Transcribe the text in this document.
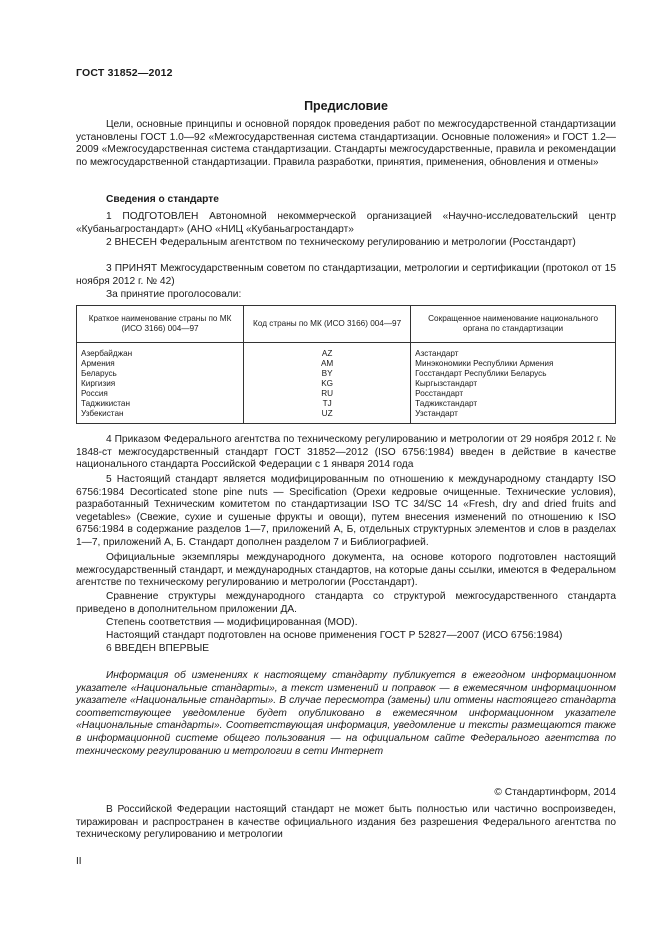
ГОСТ 31852—2012
Предисловие

Цели, основные принципы и основной порядок проведения работ по межгосударственной стандартизации установлены ГОСТ 1.0—92 «Межгосударственная система стандартизации. Основные положения» и ГОСТ 1.2—2009 «Межгосударственная система стандартизации. Стандарты межгосударственные, правила и рекомендации по межгосударственной стандартизации. Правила разработки, принятия, применения, обновления и отмены»

Сведения о стандарте

1 ПОДГОТОВЛЕН Автономной некоммерческой организацией «Научно-исследовательский центр «Кубаньагростандарт» (АНО «НИЦ «Кубаньагростандарт»

2 ВНЕСЕН Федеральным агентством по техническому регулированию и метрологии (Росстандарт)

3 ПРИНЯТ Межгосударственным советом по стандартизации, метрологии и сертификации (протокол от 15 ноября 2012 г. № 42)

За принятие проголосовали:

Краткое наименование страны по МК (ИСО 3166) 004—97	Код страны по МК (ИСО 3166) 004—97	Сокращенное наименование национального органа по стандартизации
Азербайджан	AZ	Азстандарт
Армения	AM	Минэкономики Республики Армения
Беларусь	BY	Госстандарт Республики Беларусь
Киргизия	KG	Кыргызстандарт
Россия	RU	Росстандарт
Таджикистан	TJ	Таджикстандарт
Узбекистан	UZ	Узстандарт

4 Приказом Федерального агентства по техническому регулированию и метрологии от 29 ноября 2012 г. № 1848-ст межгосударственный стандарт ГОСТ 31852—2012 (ISO 6756:1984) введен в действие в качестве национального стандарта Российской Федерации с 1 января 2014 года

5 Настоящий стандарт является модифицированным по отношению к международному стандарту ISO 6756:1984 Decorticated stone pine nuts — Specification (Орехи кедровые очищенные. Технические условия), разработанный Техническим комитетом по стандартизации ISO TC 34/SC 14 «Fresh, dry and dried fruits and vegetables» (Свежие, сухие и сушеные фрукты и овощи), путем внесения изменений по отношению к ISO 6756:1984 в содержание разделов 1—7, приложений А, Б, отдельных структурных элементов и слов в разделах 1—7, приложений А, Б. Стандарт дополнен разделом 7 и Библиографией.

Официальные экземпляры международного документа, на основе которого подготовлен настоящий межгосударственный стандарт, и международных стандартов, на которые даны ссылки, имеются в Федеральном агентстве по техническому регулированию и метрологии (Росстандарт).

Сравнение структуры международного стандарта со структурой межгосударственного стандарта приведено в дополнительном приложении ДА.

Степень соответствия — модифицированная (MOD).

Настоящий стандарт подготовлен на основе применения ГОСТ Р 52827—2007 (ИСО 6756:1984)

6 ВВЕДЕН ВПЕРВЫЕ

Информация об изменениях к настоящему стандарту публикуется в ежегодном информационном указателе «Национальные стандарты», а текст изменений и поправок — в ежемесячном информационном указателе «Национальные стандарты». В случае пересмотра (замены) или отмены настоящего стандарта соответствующее уведомление будет опубликовано в ежемесячном информационном указателе «Национальные стандарты». Соответствующая информация, уведомление и тексты размещаются также в информационной системе общего пользования — на официальном сайте Федерального агентства по техническому регулированию и метрологии в сети Интернет

© Стандартинформ, 2014

В Российской Федерации настоящий стандарт не может быть полностью или частично воспроизведен, тиражирован и распространен в качестве официального издания без разрешения Федерального агентства по техническому регулированию и метрологии

II
